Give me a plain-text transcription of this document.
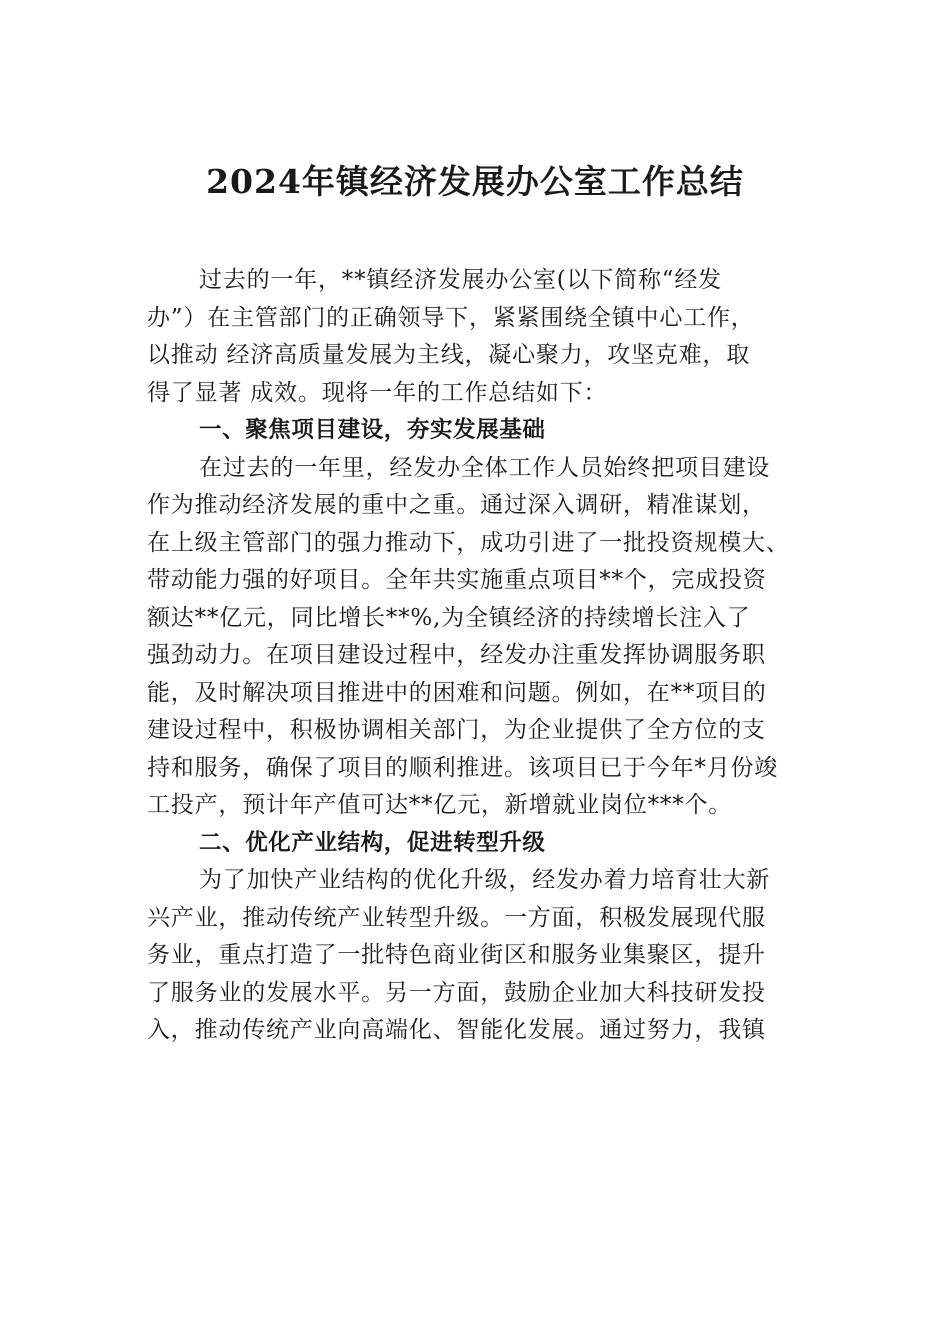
2024年镇经济发展办公室工作总结
过去的一年，**镇经济发展办公室(以下简称“经发
办”）在主管部门的正确领导下，紧紧围绕全镇中心工作，
以推动 经济高质量发展为主线，凝心聚力，攻坚克难，取
得了显著 成效。现将一年的工作总结如下：
一、聚焦项目建设，夯实发展基础
在过去的一年里，经发办全体工作人员始终把项目建设
作为推动经济发展的重中之重。通过深入调研，精准谋划，
在上级主管部门的强力推动下，成功引进了一批投资规模大、
带动能力强的好项目。全年共实施重点项目**个，完成投资
额达**亿元，同比增长**%,为全镇经济的持续增长注入了
强劲动力。在项目建设过程中，经发办注重发挥协调服务职
能，及时解决项目推进中的困难和问题。例如，在**项目的
建设过程中，积极协调相关部门，为企业提供了全方位的支
持和服务，确保了项目的顺利推进。该项目已于今年*月份竣
工投产，预计年产值可达**亿元，新增就业岗位***个。
二、优化产业结构，促进转型升级
为了加快产业结构的优化升级，经发办着力培育壮大新
兴产业，推动传统产业转型升级。一方面，积极发展现代服
务业，重点打造了一批特色商业街区和服务业集聚区，提升
了服务业的发展水平。另一方面，鼓励企业加大科技研发投
入，推动传统产业向高端化、智能化发展。通过努力，我镇
